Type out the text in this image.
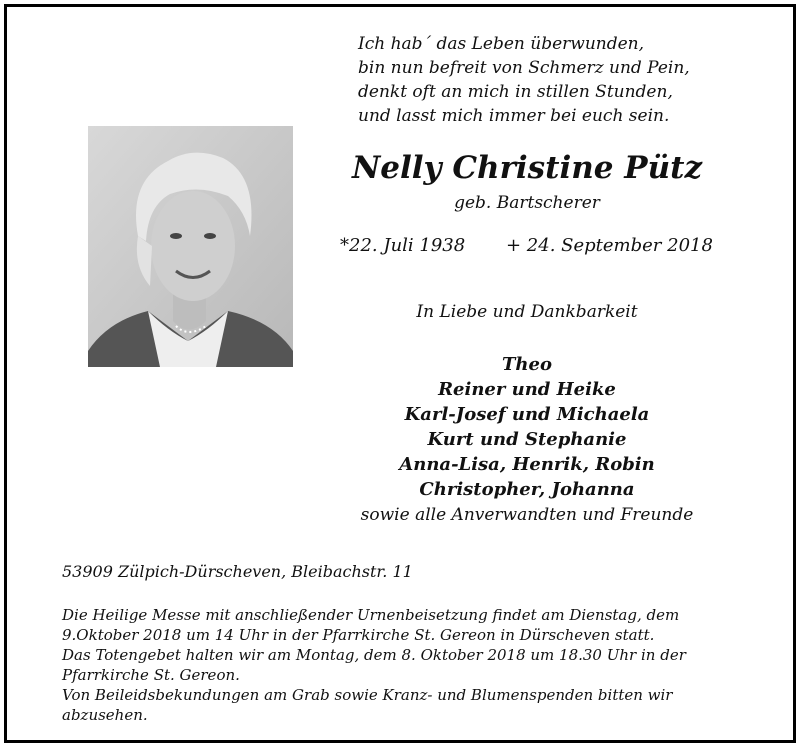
Ich hab´ das Leben überwunden,
bin nun befreit von Schmerz und Pein,
denkt oft an mich in stillen Stunden,
und lasst mich immer bei euch sein.
Nelly Christine Pütz
geb. Bartscherer
*22. Juli 1938 + 24. September 2018
In Liebe und Dankbarkeit
Theo
Reiner und Heike
Karl-Josef und Michaela
Kurt und Stephanie
Anna-Lisa, Henrik, Robin
Christopher, Johanna
sowie alle Anverwandten und Freunde
53909 Zülpich-Dürscheven, Bleibachstr. 11
Die Heilige Messe mit anschließender Urnenbeisetzung findet am Dienstag, dem
9.Oktober 2018 um 14 Uhr in der Pfarrkirche St. Gereon in Dürscheven statt.
Das Totengebet halten wir am Montag, dem 8. Oktober 2018 um 18.30 Uhr in der
Pfarrkirche St. Gereon.
Von Beileidsbekundungen am Grab sowie Kranz- und Blumenspenden bitten wir
abzusehen.
